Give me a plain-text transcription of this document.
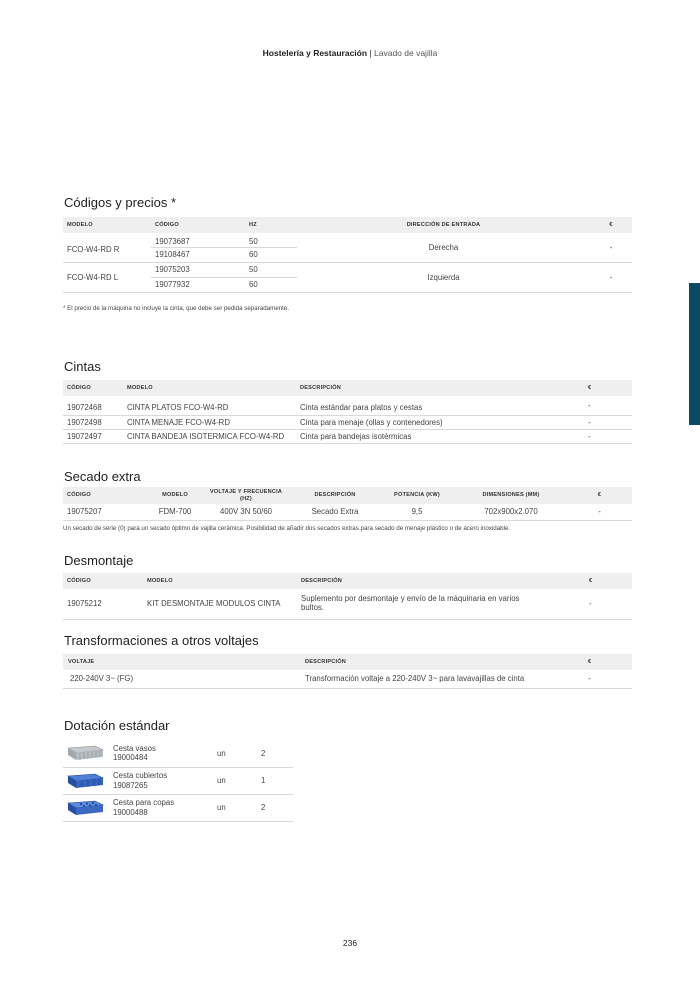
Hostelería y Restauración | Lavado de vajilla
Códigos y precios *
MODELO	CÓDIGO	HZ	DIRECCIÓN DE ENTRADA	€
FCO-W4-RD R	19073687	50	Derecha	-
	19108467	60		
FCO-W4-RD L	19075203	50	Izquierda	-
	19077932	60		
* El precio de la máquina no incluye la cinta, que debe ser pedida separadamente.
Cintas
CÓDIGO	MODELO	DESCRIPCIÓN	€
19072468	CINTA PLATOS FCO-W4-RD	Cinta estándar para platos y cestas	-
19072498	CINTA MENAJE FCO-W4-RD	Cinta para menaje (ollas y contenedores)	-
19072497	CINTA BANDEJA ISOTERMICA FCO-W4-RD	Cinta para bandejas isotérmicas	-
Secado extra
CÓDIGO	MODELO	VOLTAJE Y FRECUENCIA (HZ)	DESCRIPCIÓN	POTENCIA (KW)	DIMENSIONES (MM)	€
19075207	FDM-700	400V 3N 50/60	Secado Extra	9,5	702x900x2.070	-
Un secado de serie (0) para un secado óptimo de vajilla cerámica. Posibilidad de añadir dos secados extras para secado de menaje plástico o de acero inoxidable.
Desmontaje
CÓDIGO	MODELO	DESCRIPCIÓN	€
19075212	KIT DESMONTAJE MODULOS CINTA	Suplemento por desmontaje y envío de la máquinaria en varios bultos.	-
Transformaciones a otros voltajes
VOLTAJE	DESCRIPCIÓN	€
220-240V 3~ (FG)	Transformación voltaje a 220-240V 3~ para lavavajillas de cinta	-
Dotación estándar

Cesta vasos
19000484	un	2

Cesta cubiertos
19087265	un	1

Cesta para copas
19000488	un	2
236
